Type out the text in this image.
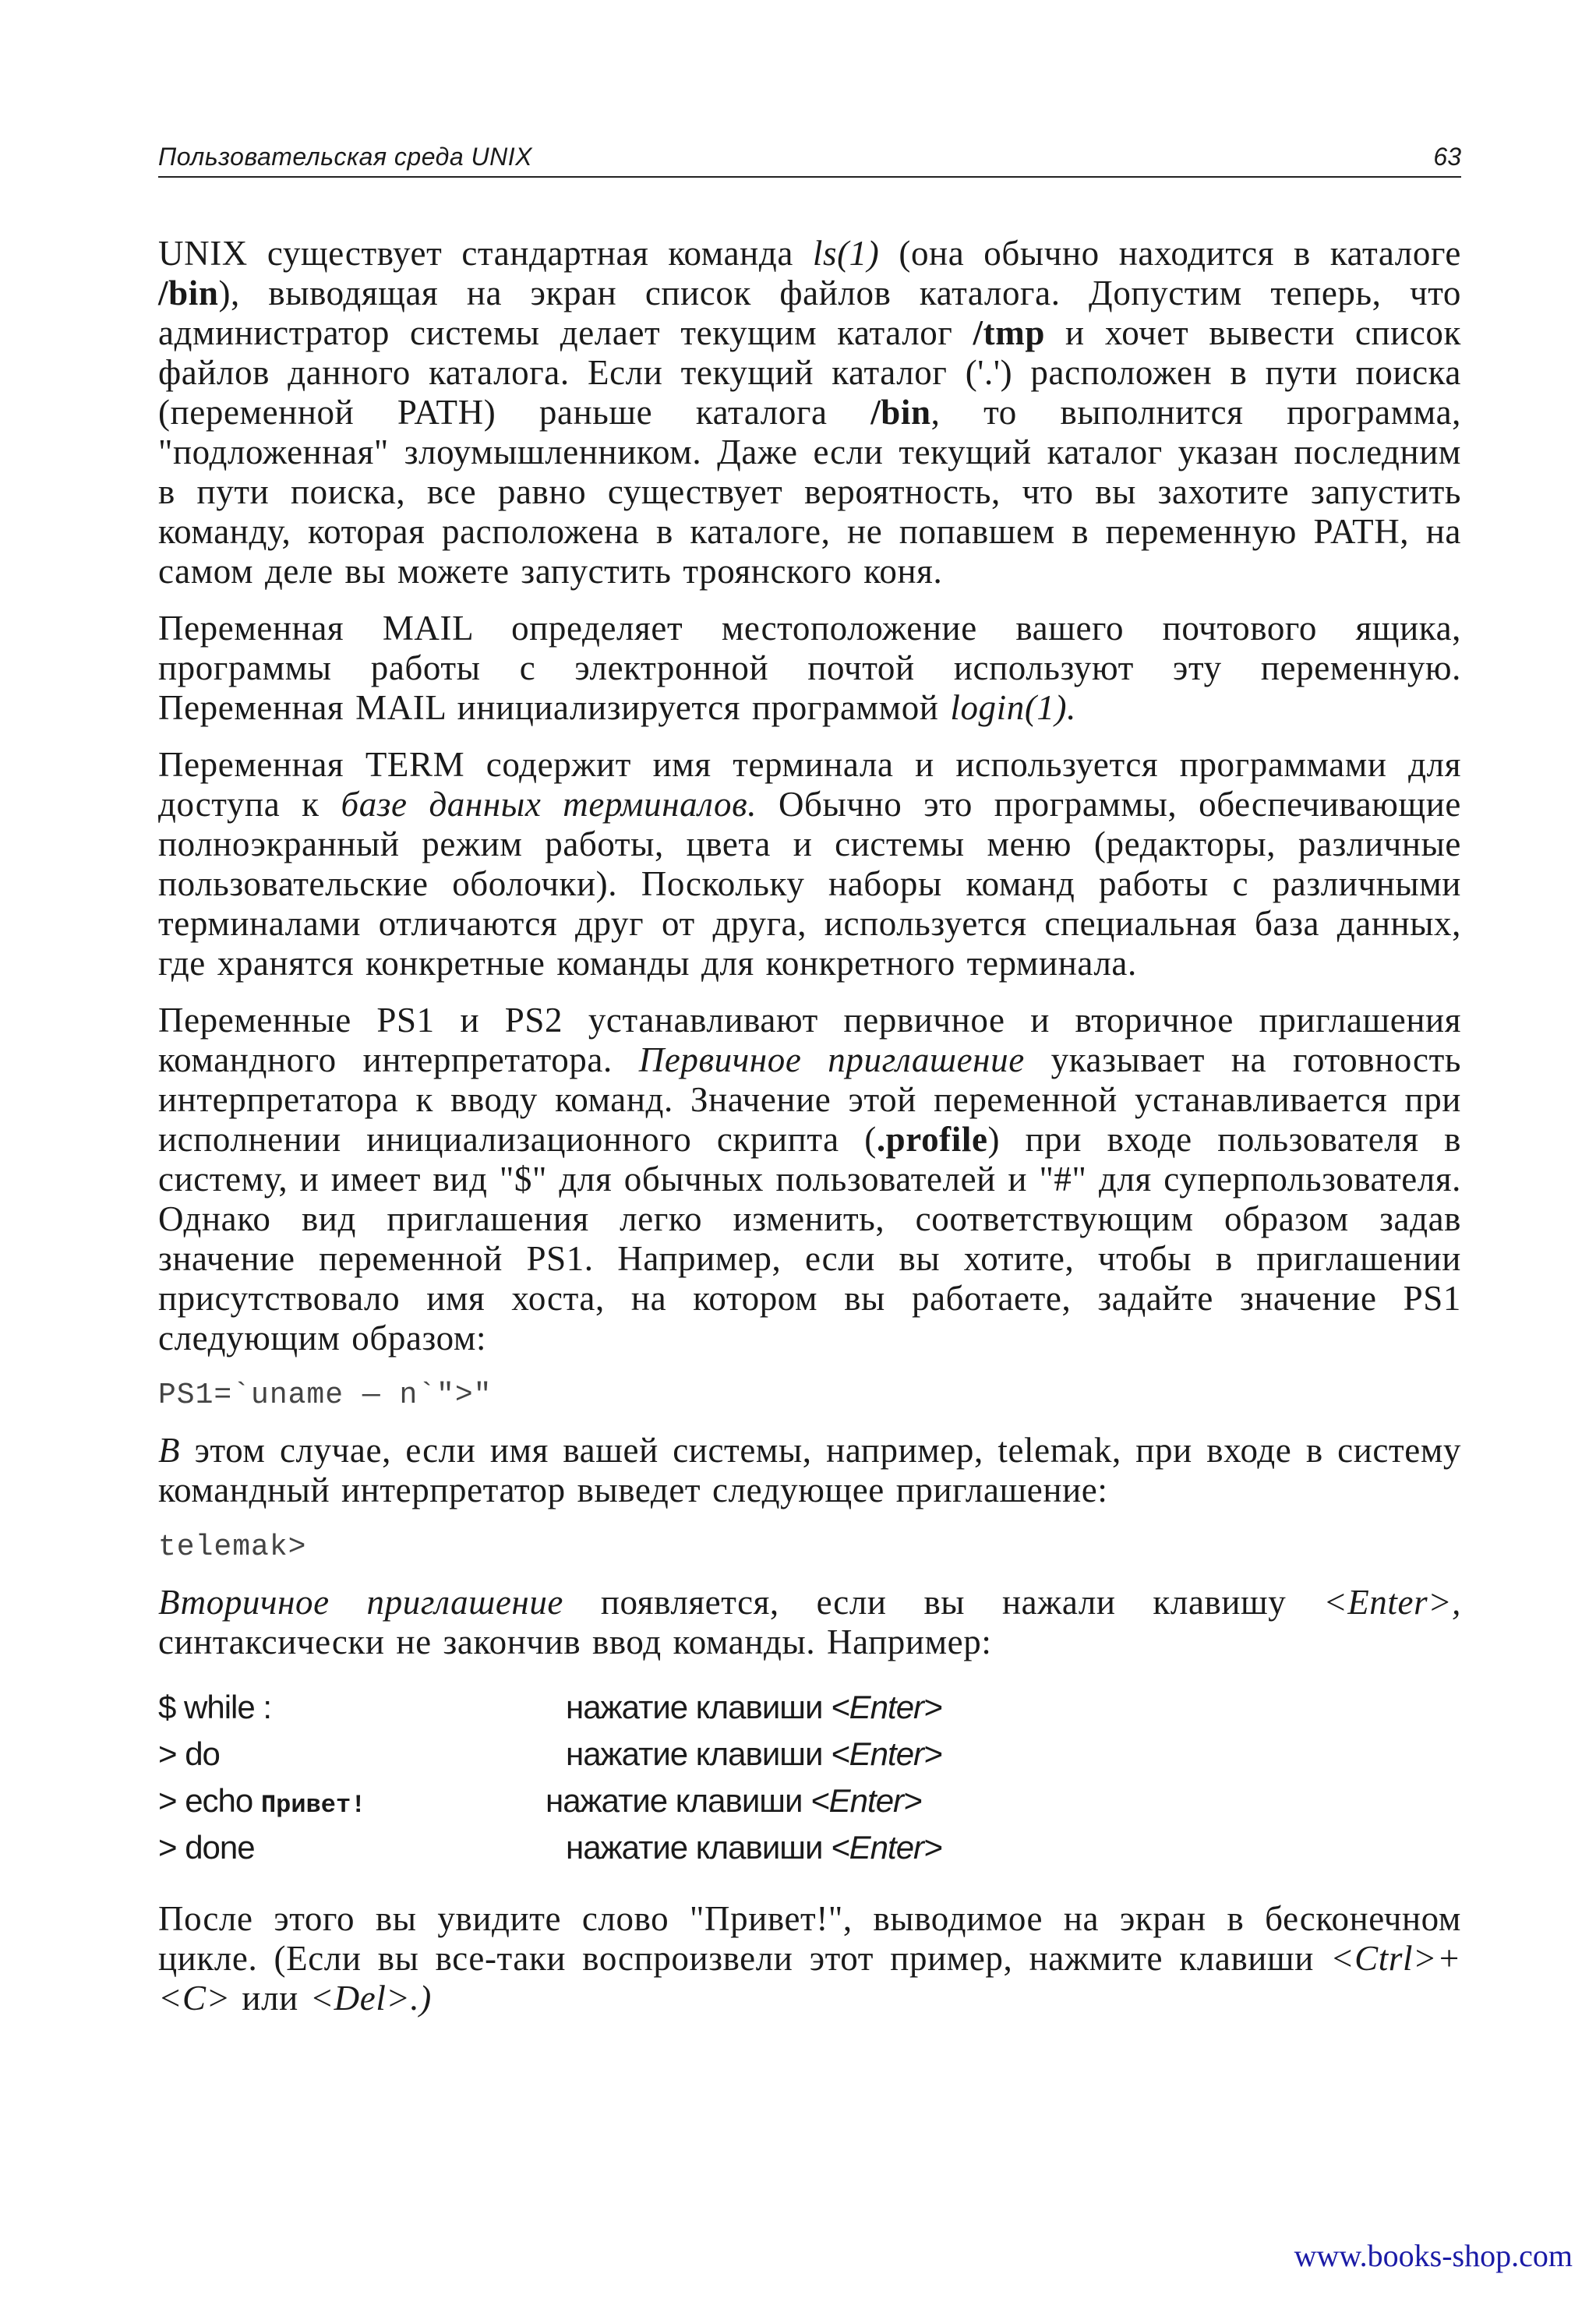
Пользовательская среда UNIX	63

UNIX существует стандартная команда ls(1) (она обычно находится в каталоге /bin), выводящая на экран список файлов каталога. Допустим теперь, что администратор системы делает текущим каталог /tmp и хочет вывести список файлов данного каталога. Если текущий каталог ('.') расположен в пути поиска (переменной PATH) раньше каталога /bin, то выполнится программа, "подложенная" злоумышленником. Даже если текущий каталог указан последним в пути поиска, все равно существует вероятность, что вы захотите запустить команду, которая расположена в каталоге, не попавшем в переменную PATH, на самом деле вы можете запустить троянского коня.

Переменная MAIL определяет местоположение вашего почтового ящика, программы работы с электронной почтой используют эту переменную. Переменная MAIL инициализируется программой login(1).

Переменная TERM содержит имя терминала и используется программами для доступа к базе данных терминалов. Обычно это программы, обеспечивающие полноэкранный режим работы, цвета и системы меню (редакторы, различные пользовательские оболочки). Поскольку наборы команд работы с различными терминалами отличаются друг от друга, используется специальная база данных, где хранятся конкретные команды для конкретного терминала.

Переменные PS1 и PS2 устанавливают первичное и вторичное приглашения командного интерпретатора. Первичное приглашение указывает на готовность интерпретатора к вводу команд. Значение этой переменной устанавливается при исполнении инициализационного скрипта (.profile) при входе пользователя в систему, и имеет вид "$" для обычных пользователей и "#" для суперпользователя. Однако вид приглашения легко изменить, соответствующим образом задав значение переменной PS1. Например, если вы хотите, чтобы в приглашении присутствовало имя хоста, на котором вы работаете, задайте значение PS1 следующим образом:

PS1=`uname — n`">"

В этом случае, если имя вашей системы, например, telemak, при входе в систему командный интерпретатор выведет следующее приглашение:

telemak>

Вторичное приглашение появляется, если вы нажали клавишу <Enter>, синтаксически не закончив ввод команды. Например:

$ while :	нажатие клавиши <Enter>
> do	нажатие клавиши <Enter>
> echo Привет!	нажатие клавиши <Enter>
> done	нажатие клавиши <Enter>

После этого вы увидите слово "Привет!", выводимое на экран в бесконечном цикле. (Если вы все-таки воспроизвели этот пример, нажмите клавиши <Ctrl>+<C> или <Del>.)

www.books-shop.com
